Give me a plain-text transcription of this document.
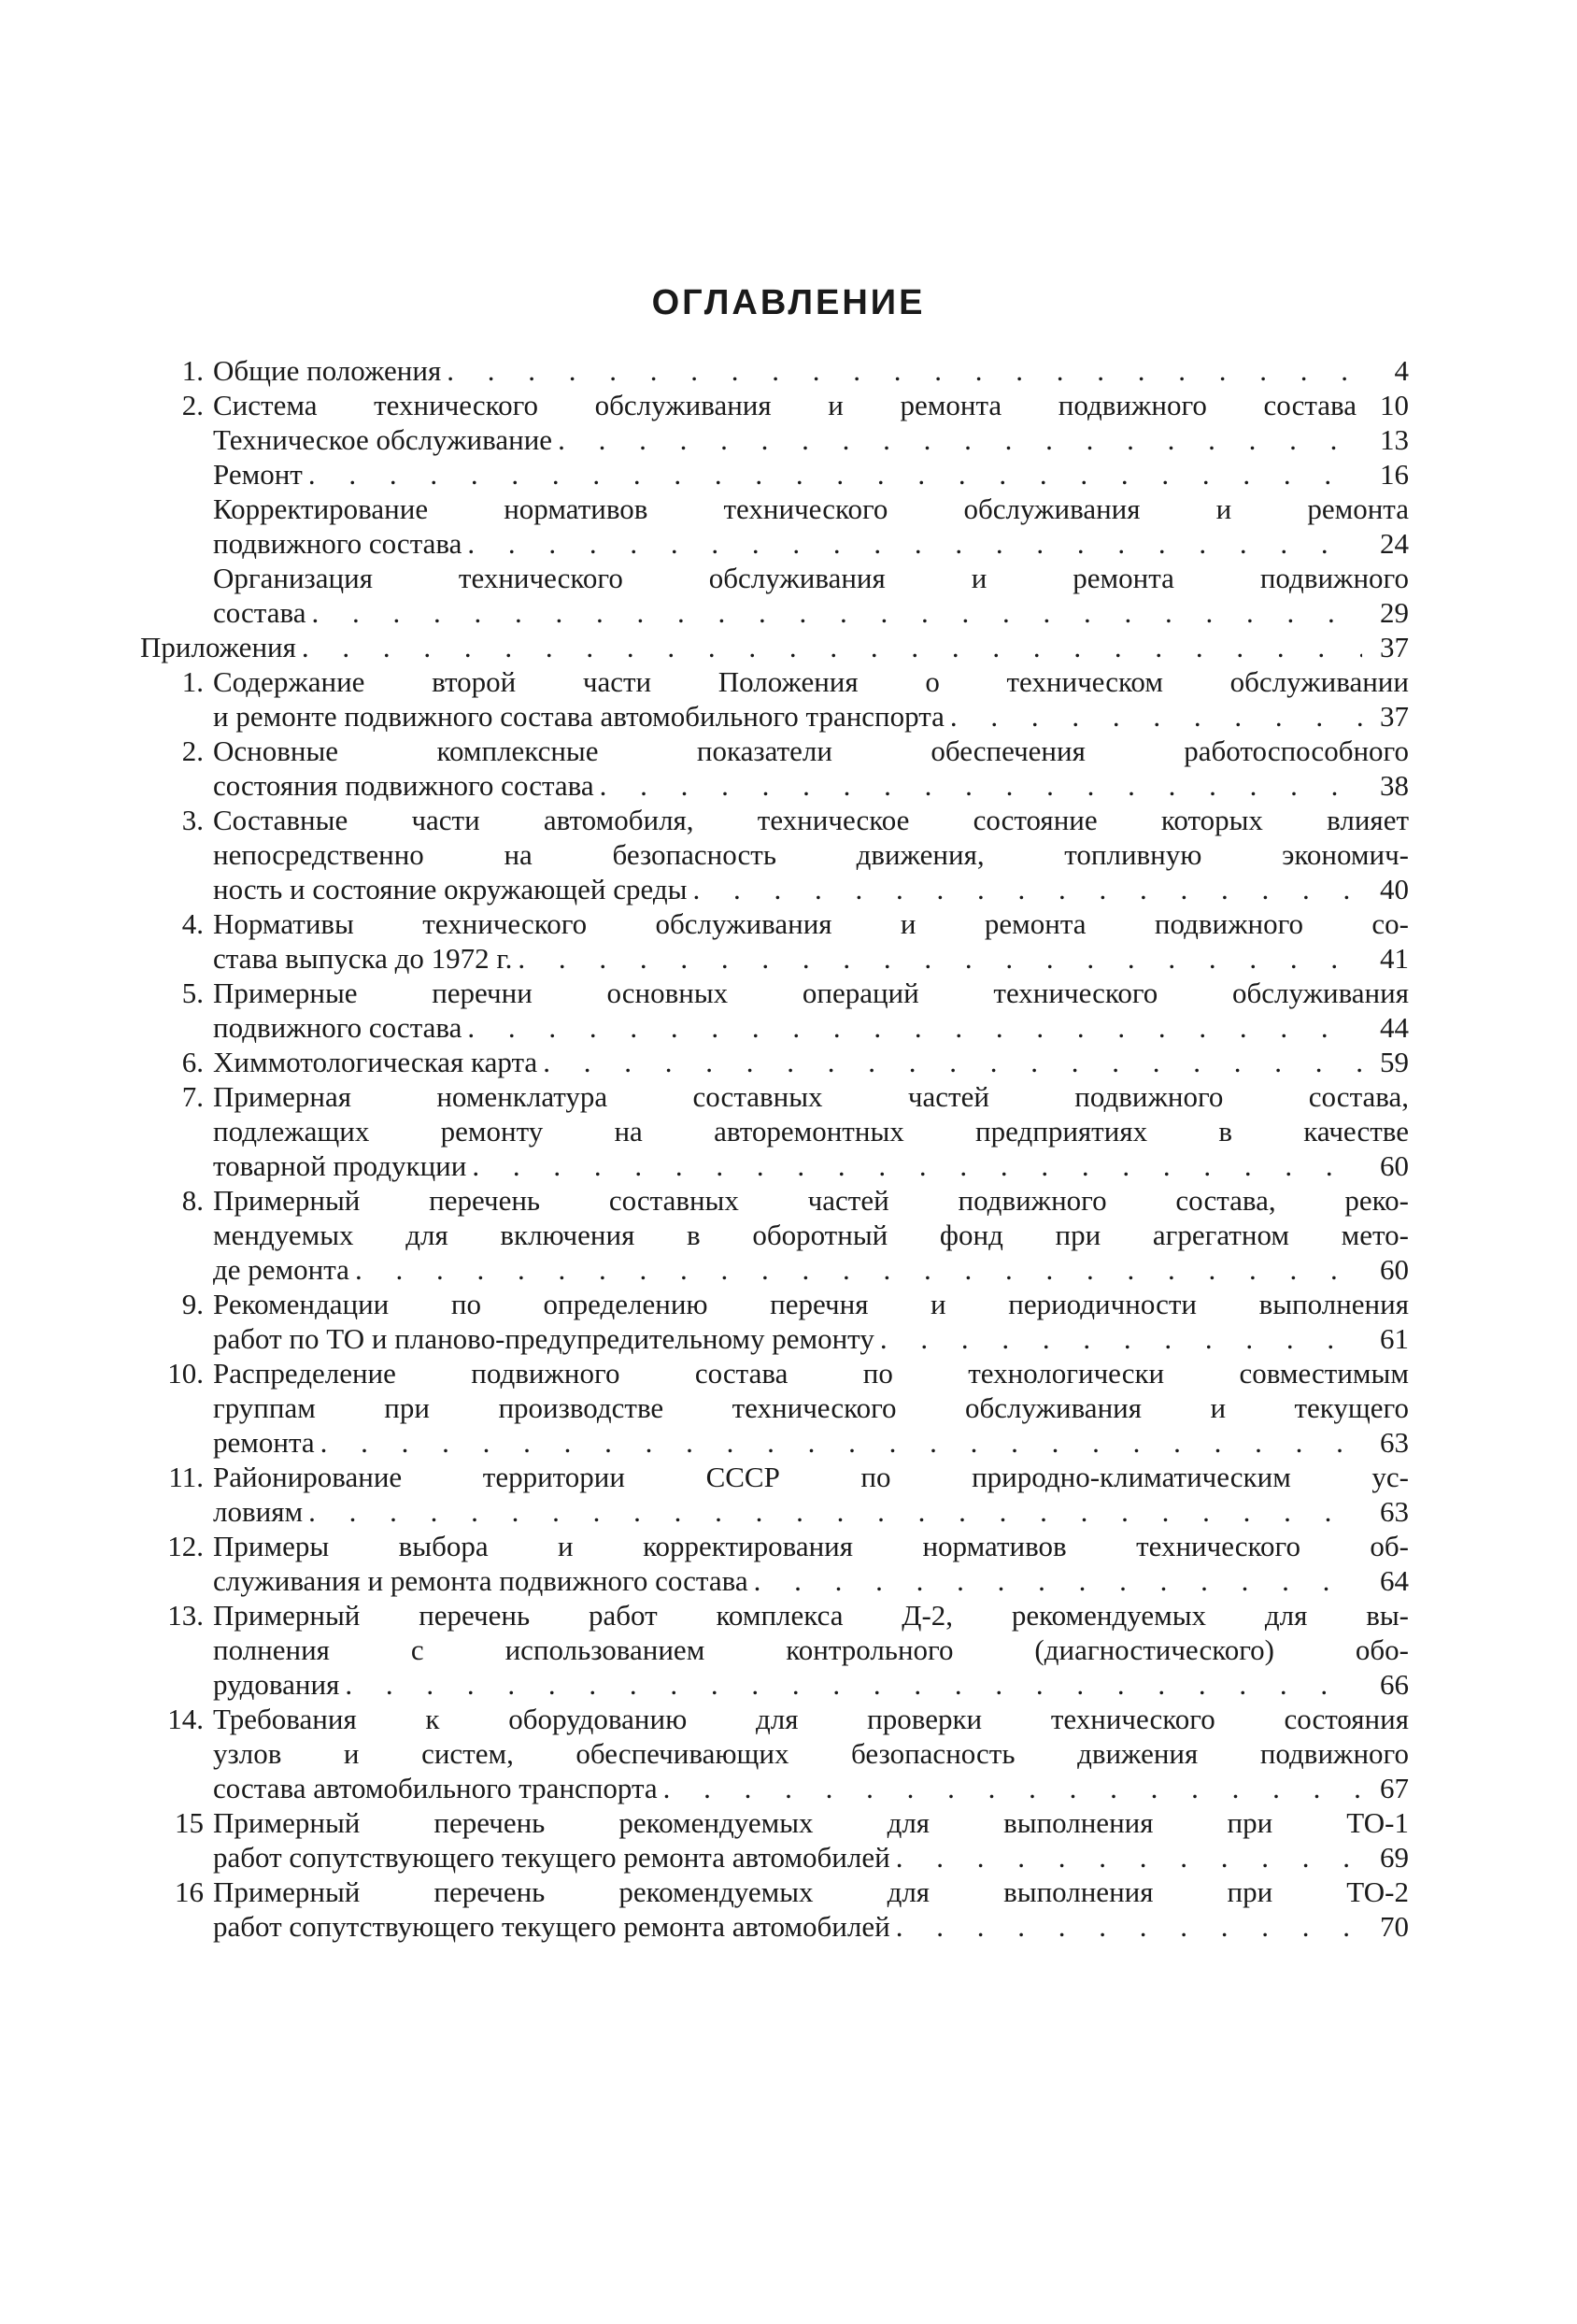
ОГЛАВЛЕНИЕ
1. Общие положения . . .	4
2. Система технического обслуживания и ремонта подвижного состава 10
Техническое обслуживание . . .	13
Ремонт . . .	16
Корректирование нормативов технического обслуживания и ремонта
подвижного состава . . .	24
Организация технического обслуживания и ремонта подвижного
состава . . .	29
Приложения . . .	37
1. Содержание второй части Положения о техническом обслуживании
и ремонте подвижного состава автомобильного транспорта . . .	37
2. Основные комплексные показатели обеспечения работоспособного
состояния подвижного состава . . .	38
3. Составные части автомобиля, техническое состояние которых влияет
непосредственно на безопасность движения, топливную экономич-
ность и состояние окружающей среды . . .	40
4. Нормативы технического обслуживания и ремонта подвижного со-
става выпуска до 1972 г. . . .	41
5. Примерные перечни основных операций технического обслуживания
подвижного состава . . .	44
6. Химмотологическая карта . . .	59
7. Примерная номенклатура составных частей подвижного состава,
подлежащих ремонту на авторемонтных предприятиях в качестве
товарной продукции . . .	60
8. Примерный перечень составных частей подвижного состава, реко-
мендуемых для включения в оборотный фонд при агрегатном мето-
де ремонта . . .	60
9. Рекомендации по определению перечня и периодичности выполнения
работ по ТО и планово-предупредительному ремонту . . .	61
10. Распределение подвижного состава по технологически совместимым
группам при производстве технического обслуживания и текущего
ремонта . . .	63
11. Районирование территории СССР по природно-климатическим ус-
ловиям . . .	63
12. Примеры выбора и корректирования нормативов технического об-
служивания и ремонта подвижного состава . . .	64
13. Примерный перечень работ комплекса Д-2, рекомендуемых для вы-
полнения с использованием контрольного (диагностического) обо-
рудования . . .	66
14. Требования к оборудованию для проверки технического состояния
узлов и систем, обеспечивающих безопасность движения подвижного
состава автомобильного транспорта . . .	67
15 Примерный перечень рекомендуемых для выполнения при ТО-1
работ сопутствующего текущего ремонта автомобилей . . .	69
16 Примерный перечень рекомендуемых для выполнения при ТО-2
работ сопутствующего текущего ремонта автомобилей . . .	70
